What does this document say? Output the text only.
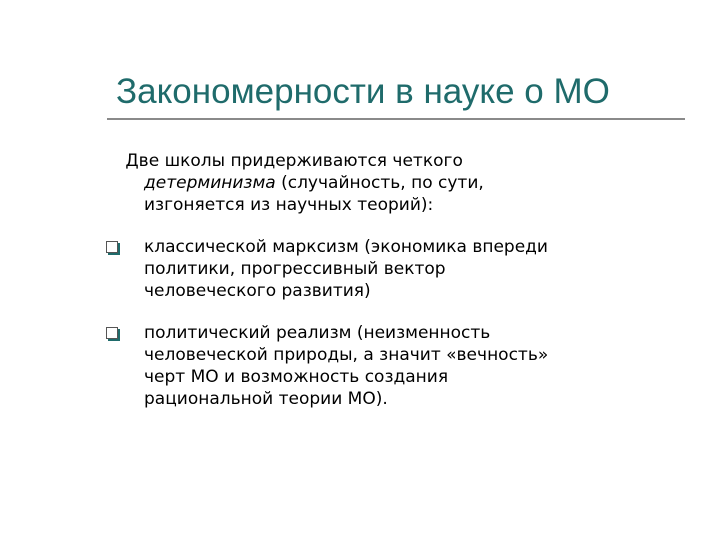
Закономерности в науке о МО
Две школы придерживаются четкого
детерминизма (случайность, по сути,
изгоняется из научных теорий):
классической марксизм (экономика впереди
политики, прогрессивный вектор
человеческого развития)
политический реализм (неизменность
человеческой природы, а значит «вечность»
черт МО и возможность создания
рациональной теории МО).
